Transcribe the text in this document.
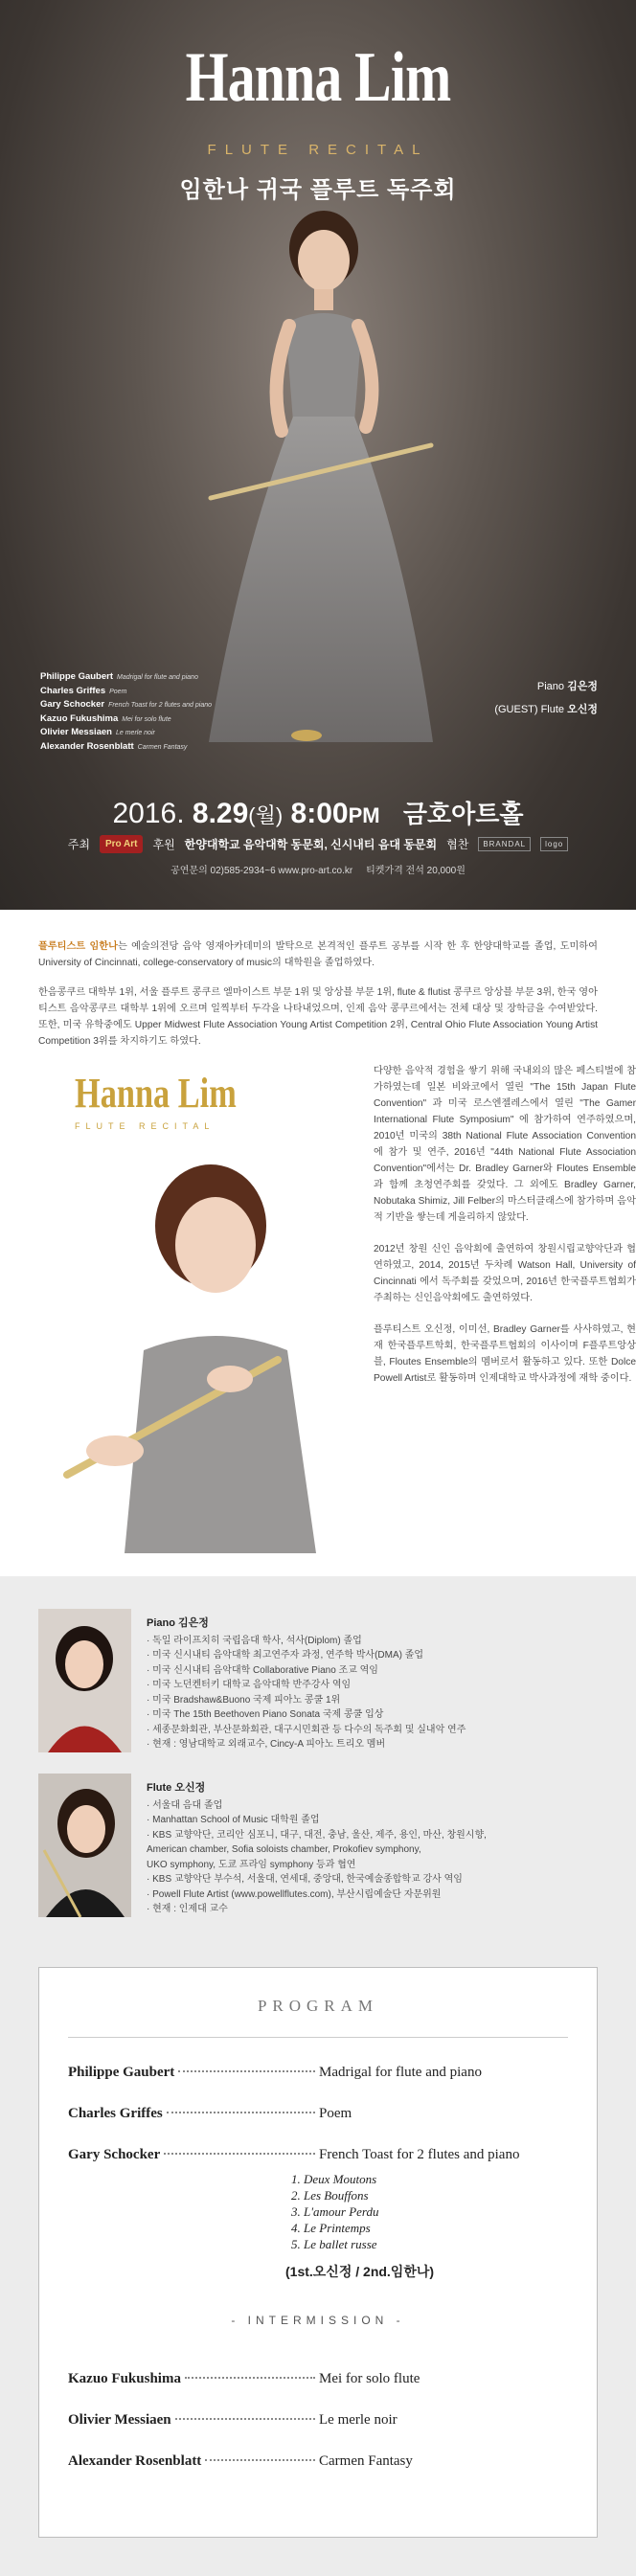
Hanna Lim
FLUTE RECITAL
임한나 귀국 플루트 독주회
Philippe Gaubert Madrigal for flute and piano
Charles Griffes Poem
Gary Schocker French Toast for 2 flutes and piano
Kazuo Fukushima Mei for solo flute
Olivier Messiaen Le merle noir
Alexander Rosenblatt Carmen Fantasy
Piano 김은정
(GUEST) Flute 오신정
2016. 8.29(월) 8:00PM 금호아트홀
주최	Pro Art	후원 한양대학교 음악대학 동문회, 신시내티 음대 동문회 협찬	BRANDAL	logo
공연문의 02)585-2934~6 www.pro-art.co.kr 티켓가격 전석 20,000원

플루티스트 임한나는 예술의전당 음악 영재아카데미의 발탁으로 본격적인 플루트 공부를 시작 한 후 한양대학교를 졸업, 도미하여 University of Cincinnati, college-conservatory of music의 대학원을 졸업하였다.

한음콩쿠르 대학부 1위, 서울 플루트 콩쿠르 엘마이스트 부문 1위 및 앙상블 부문 1위, flute & flutist 콩쿠르 앙상블 부문 3위, 한국 영아티스트 음악콩쿠르 대학부 1위에 오르며 일찍부터 두각을 나타내었으며, 인제 음악 콩쿠르에서는 전체 대상 및 장학금을 수여받았다. 또한, 미국 유학중에도 Upper Midwest Flute Association Young Artist Competition 2위, Central Ohio Flute Association Young Artist Competition 3위를 차지하기도 하였다.

Hanna Lim
FLUTE RECITAL

다양한 음악적 경험을 쌓기 위해 국내외의 많은 페스티벌에 참가하였는데 일본 비와코에서 열린 "The 15th Japan Flute Convention" 과 미국 로스엔젤레스에서 열린 "The Gamer International Flute Symposium" 에 참가하여 연주하였으며, 2010년 미국의 38th National Flute Association Convention 에 참가 및 연주, 2016년 "44th National Flute Association Convention"에서는 Dr. Bradley Garner와 Floutes Ensemble과 함께 초청연주회를 갖었다. 그 외에도 Bradley Garner, Nobutaka Shimiz, Jill Felber의 마스터클래스에 참가하며 음악적 기반을 쌓는데 게을리하지 않았다.

2012년 창원 신인 음악회에 출연하여 창원시립교향악단과 협연하였고, 2014, 2015년 두차례 Watson Hall, University of Cincinnati 에서 독주회를 갖었으며, 2016년 한국플루트협회가 주최하는 신인음악회에도 출연하였다.

플루티스트 오신정, 이미선, Bradley Garner를 사사하였고, 현재 한국플루트학회, 한국플루트협회의 이사이며 F플루트앙상블, Floutes Ensemble의 멤버로서 활동하고 있다. 또한 Dolce Powell Artist로 활동하며 인제대학교 박사과정에 재학 중이다.

Piano 김은정
· 독일 라이프치히 국립음대 학사, 석사(Diplom) 졸업
· 미국 신시내티 음악대학 최고연주자 과정, 연주학 박사(DMA) 졸업
· 미국 신시내티 음악대학 Collaborative Piano 조교 역임
· 미국 노던켄터키 대학교 음악대학 반주강사 역임
· 미국 Bradshaw&Buono 국제 피아노 콩쿨 1위
· 미국 The 15th Beethoven Piano Sonata 국제 콩쿨 입상
· 세종문화회관, 부산문화회관, 대구시민회관 등 다수의 독주회 및 실내악 연주
· 현재 : 영남대학교 외래교수, Cincy-A 피아노 트리오 멤버
Flute 오신정
· 서울대 음대 졸업
· Manhattan School of Music 대학원 졸업
· KBS 교향악단, 코리안 심포니, 대구, 대전, 충남, 울산, 제주, 용인, 마산, 창원시향,
American chamber, Sofia soloists chamber, Prokofiev symphony,
UKO symphony, 도쿄 프라임 symphony 등과 협연
· KBS 교향악단 부수석, 서울대, 연세대, 중앙대, 한국예술종합학교 강사 역임
· Powell Flute Artist (www.powellflutes.com), 부산시립예술단 자문위원
· 현재 : 인제대 교수
PROGRAM
Philippe Gaubert	Madrigal for flute and piano
Charles Griffes	Poem
Gary Schocker	French Toast for 2 flutes and piano
1. Deux Moutons
2. Les Bouffons
3. L'amour Perdu
4. Le Printemps
5. Le ballet russe
(1st.오신정 / 2nd.임한나)
- INTERMISSION -
Kazuo Fukushima	Mei for solo flute
Olivier Messiaen	Le merle noir
Alexander Rosenblatt	Carmen Fantasy
